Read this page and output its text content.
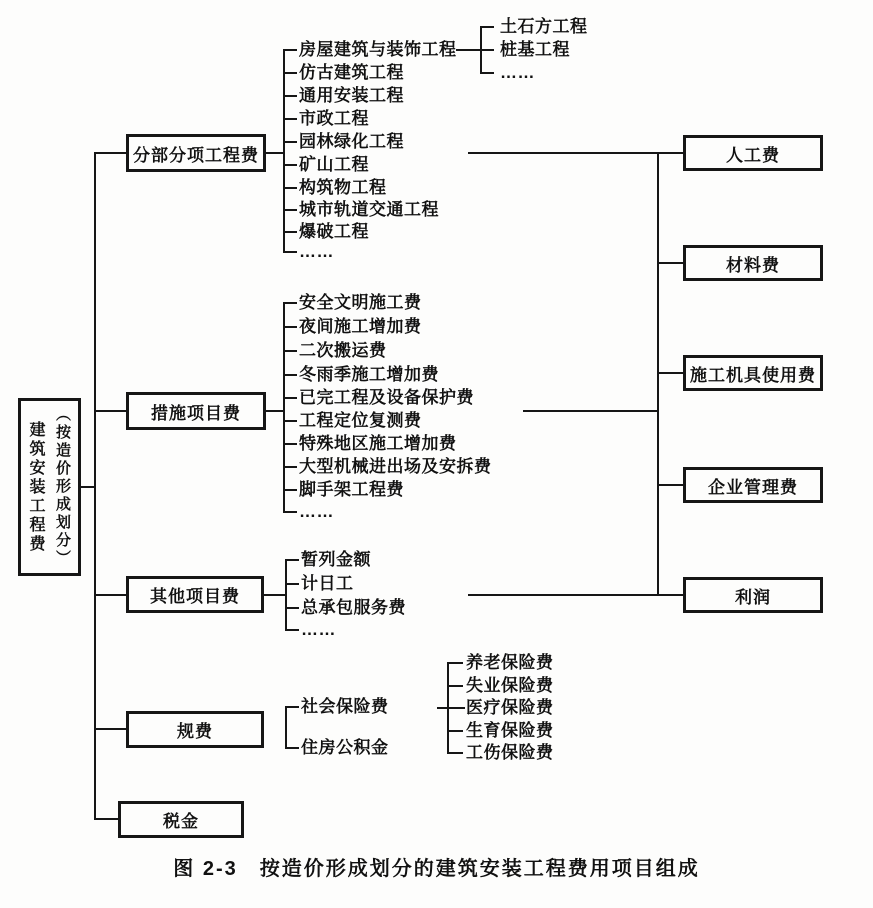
（按造价形成划分） 建筑安装工程费
分部分项工程费
措施项目费
其他项目费
规费
税金
房屋建筑与装饰工程
仿古建筑工程
通用安装工程
市政工程
园林绿化工程
矿山工程
构筑物工程
城市轨道交通工程
爆破工程
……
土石方工程
桩基工程
……
安全文明施工费
夜间施工增加费
二次搬运费
冬雨季施工增加费
已完工程及设备保护费
工程定位复测费
特殊地区施工增加费
大型机械进出场及安拆费
脚手架工程费
……
暂列金额
计日工
总承包服务费
……
社会保险费
住房公积金
养老保险费
失业保险费
医疗保险费
生育保险费
工伤保险费
人工费
材料费
施工机具使用费
企业管理费
利润
图 2-3　按造价形成划分的建筑安装工程费用项目组成
